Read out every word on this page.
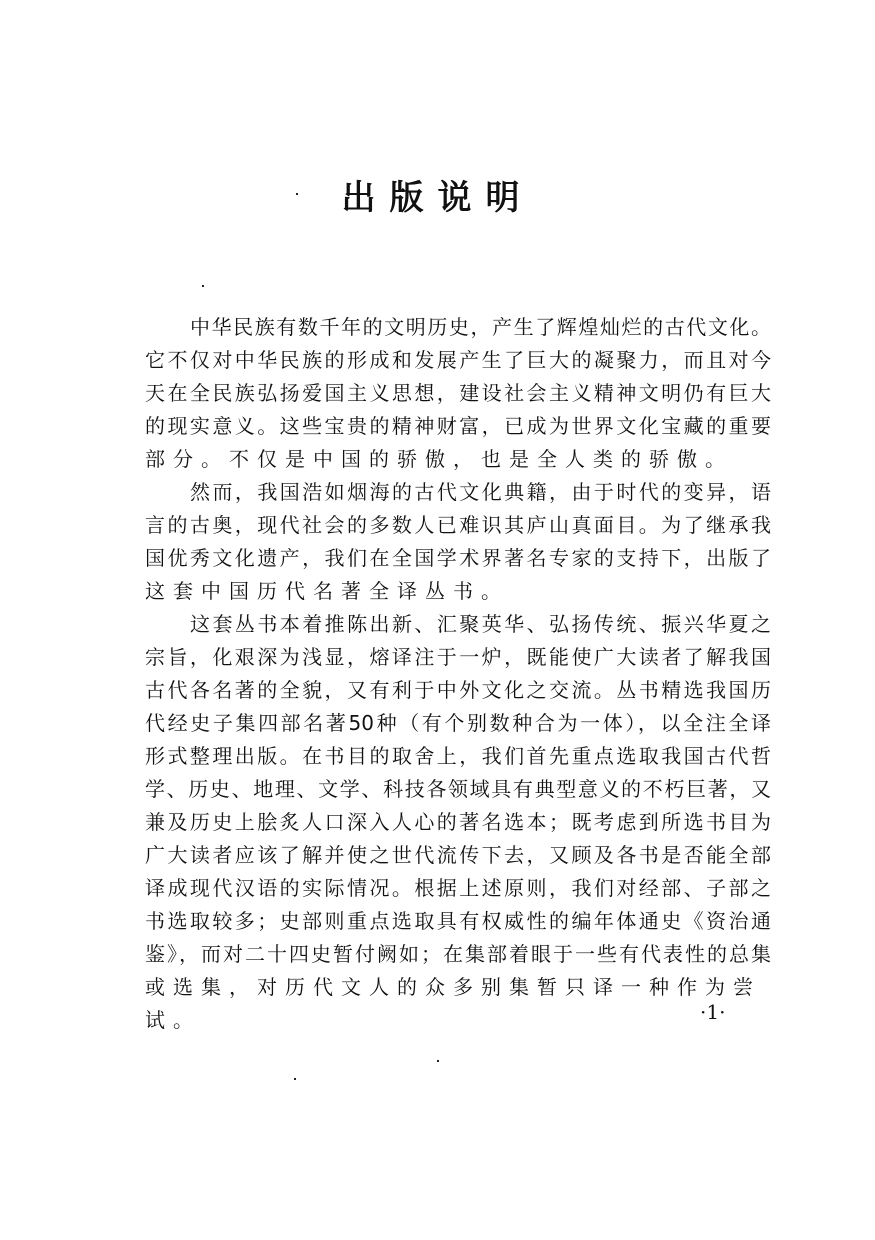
出版说明
中华民族有数千年的文明历史，产生了辉煌灿烂的古代文化。
它不仅对中华民族的形成和发展产生了巨大的凝聚力，而且对今
天在全民族弘扬爱国主义思想，建设社会主义精神文明仍有巨大
的现实意义。这些宝贵的精神财富，已成为世界文化宝藏的重要
部分。不仅是中国的骄傲，也是全人类的骄傲。
然而，我国浩如烟海的古代文化典籍，由于时代的变异，语
言的古奥，现代社会的多数人已难识其庐山真面目。为了继承我
国优秀文化遗产，我们在全国学术界著名专家的支持下，出版了
这套中国历代名著全译丛书。
这套丛书本着推陈出新、汇聚英华、弘扬传统、振兴华夏之
宗旨，化艰深为浅显，熔译注于一炉，既能使广大读者了解我国
古代各名著的全貌，又有利于中外文化之交流。丛书精选我国历
代经史子集四部名著50种（有个别数种合为一体），以全注全译
形式整理出版。在书目的取舍上，我们首先重点选取我国古代哲
学、历史、地理、文学、科技各领域具有典型意义的不朽巨著，又
兼及历史上脍炙人口深入人心的著名选本；既考虑到所选书目为
广大读者应该了解并使之世代流传下去，又顾及各书是否能全部
译成现代汉语的实际情况。根据上述原则，我们对经部、子部之
书选取较多；史部则重点选取具有权威性的编年体通史《资治通
鉴》，而对二十四史暂付阙如；在集部着眼于一些有代表性的总集
或选集，对历代文人的众多别集暂只译一种作为尝试。	·1·
